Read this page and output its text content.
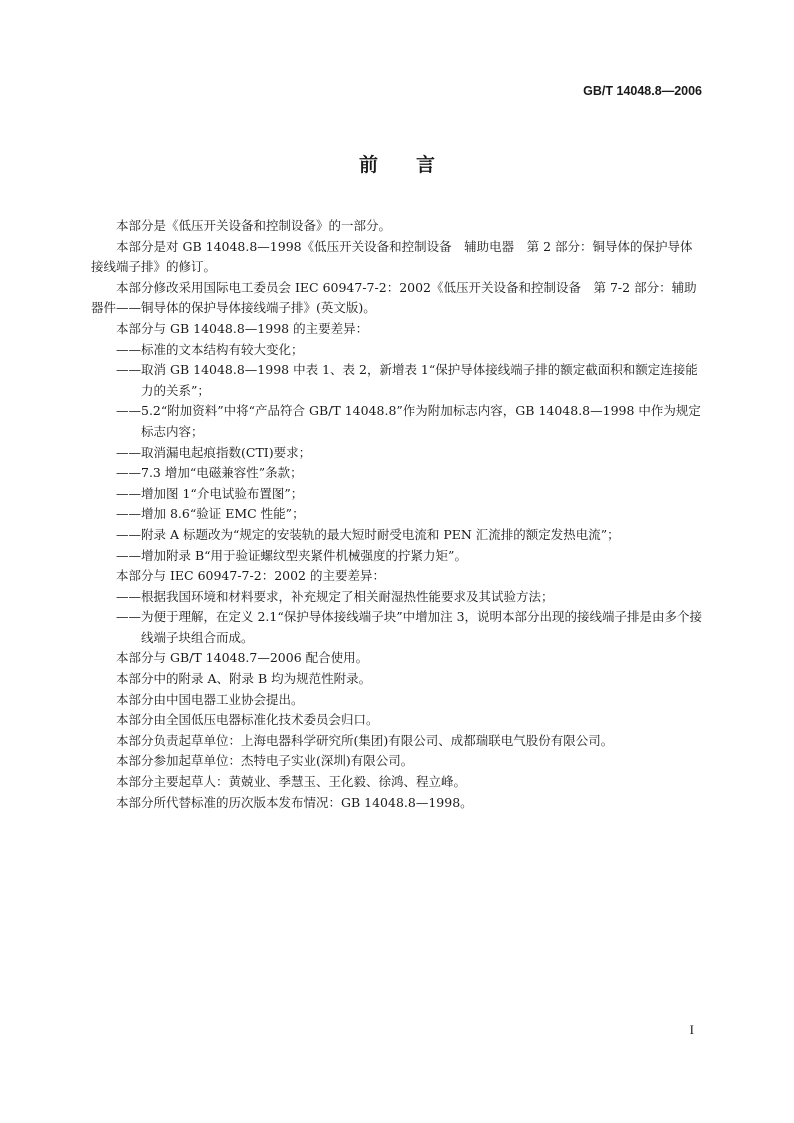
GB/T 14048.8—2006
前 言

本部分是《低压开关设备和控制设备》的一部分。

本部分是对 GB 14048.8—1998《低压开关设备和控制设备　辅助电器　第 2 部分：铜导体的保护导体接线端子排》的修订。

本部分修改采用国际电工委员会 IEC 60947-7-2：2002《低压开关设备和控制设备　第 7-2 部分：辅助器件——铜导体的保护导体接线端子排》(英文版)。

本部分与 GB 14048.8—1998 的主要差异：

——标准的文本结构有较大变化；

——取消 GB 14048.8—1998 中表 1、表 2，新增表 1“保护导体接线端子排的额定截面积和额定连接能力的关系”；

——5.2“附加资料”中将“产品符合 GB/T 14048.8”作为附加标志内容，GB 14048.8—1998 中作为规定标志内容；

——取消漏电起痕指数(CTI)要求；

——7.3 增加“电磁兼容性”条款；

——增加图 1“介电试验布置图”；

——增加 8.6“验证 EMC 性能”；

——附录 A 标题改为“规定的安装轨的最大短时耐受电流和 PEN 汇流排的额定发热电流”；

——增加附录 B“用于验证螺纹型夹紧件机械强度的拧紧力矩”。

本部分与 IEC 60947-7-2：2002 的主要差异：

——根据我国环境和材料要求，补充规定了相关耐湿热性能要求及其试验方法；

——为便于理解，在定义 2.1“保护导体接线端子块”中增加注 3，说明本部分出现的接线端子排是由多个接线端子块组合而成。

本部分与 GB/T 14048.7—2006 配合使用。

本部分中的附录 A、附录 B 均为规范性附录。

本部分由中国电器工业协会提出。

本部分由全国低压电器标准化技术委员会归口。

本部分负责起草单位：上海电器科学研究所(集团)有限公司、成都瑞联电气股份有限公司。

本部分参加起草单位：杰特电子实业(深圳)有限公司。

本部分主要起草人：黄兢业、季慧玉、王化毅、徐鸿、程立峰。

本部分所代替标准的历次版本发布情况：GB 14048.8—1998。

I
